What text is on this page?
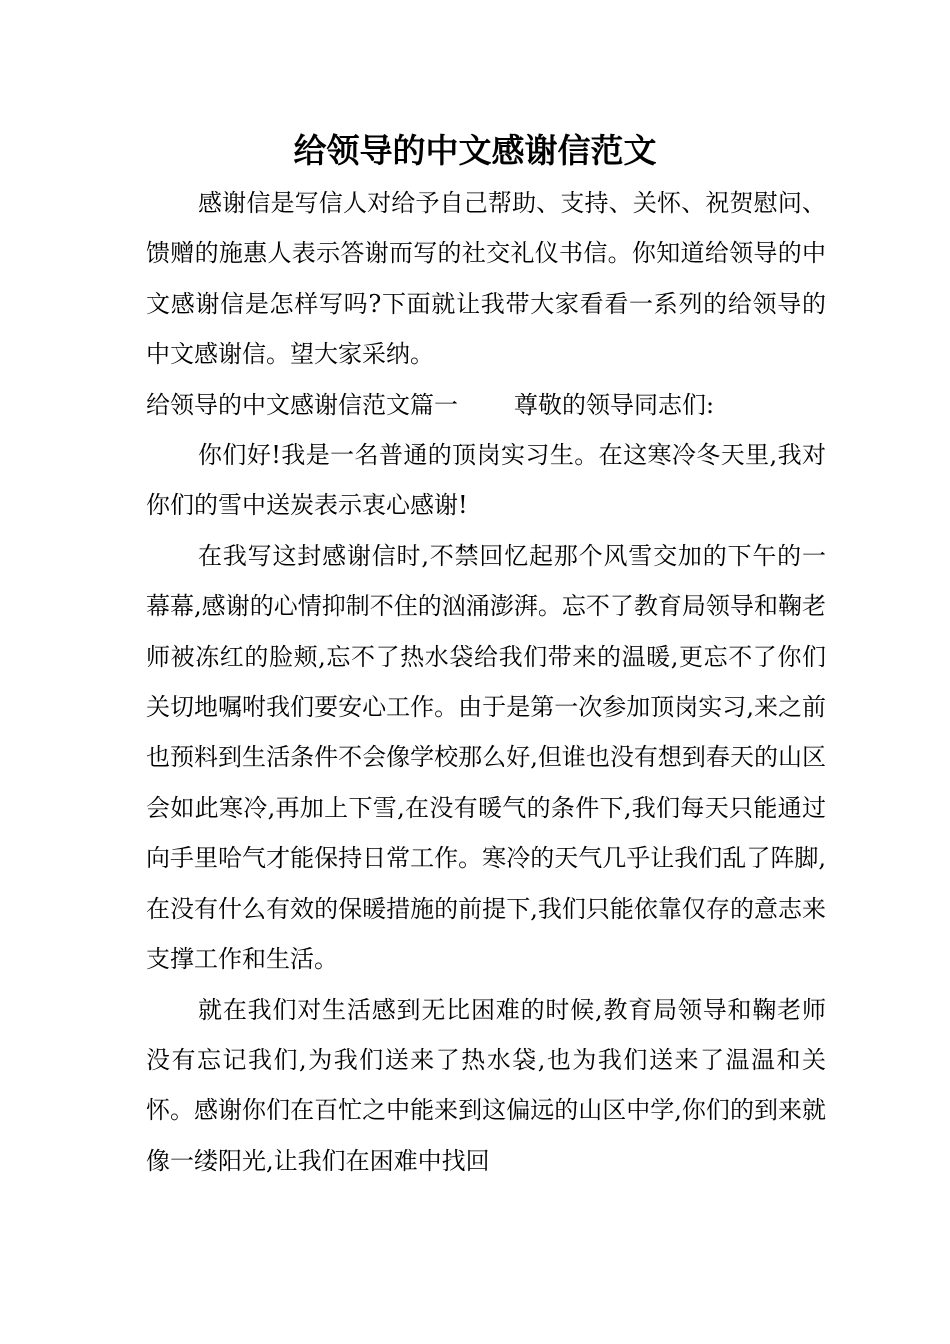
给领导的中文感谢信范文

感谢信是写信人对给予自己帮助、支持、关怀、祝贺慰问、馈赠的施惠人表示答谢而写的社交礼仪书信。你知道给领导的中文感谢信是怎样写吗?下面就让我带大家看看一系列的给领导的中文感谢信。望大家采纳。

给领导的中文感谢信范文篇一 尊敬的领导同志们:

你们好!我是一名普通的顶岗实习生。在这寒冷冬天里,我对你们的雪中送炭表示衷心感谢!

在我写这封感谢信时,不禁回忆起那个风雪交加的下午的一幕幕,感谢的心情抑制不住的汹涌澎湃。忘不了教育局领导和鞠老师被冻红的脸颊,忘不了热水袋给我们带来的温暖,更忘不了你们关切地嘱咐我们要安心工作。由于是第一次参加顶岗实习,来之前也预料到生活条件不会像学校那么好,但谁也没有想到春天的山区会如此寒冷,再加上下雪,在没有暖气的条件下,我们每天只能通过向手里哈气才能保持日常工作。寒冷的天气几乎让我们乱了阵脚,在没有什么有效的保暖措施的前提下,我们只能依靠仅存的意志来支撑工作和生活。

就在我们对生活感到无比困难的时候,教育局领导和鞠老师没有忘记我们,为我们送来了热水袋,也为我们送来了温温和关怀。感谢你们在百忙之中能来到这偏远的山区中学,你们的到来就像一缕阳光,让我们在困难中找回
